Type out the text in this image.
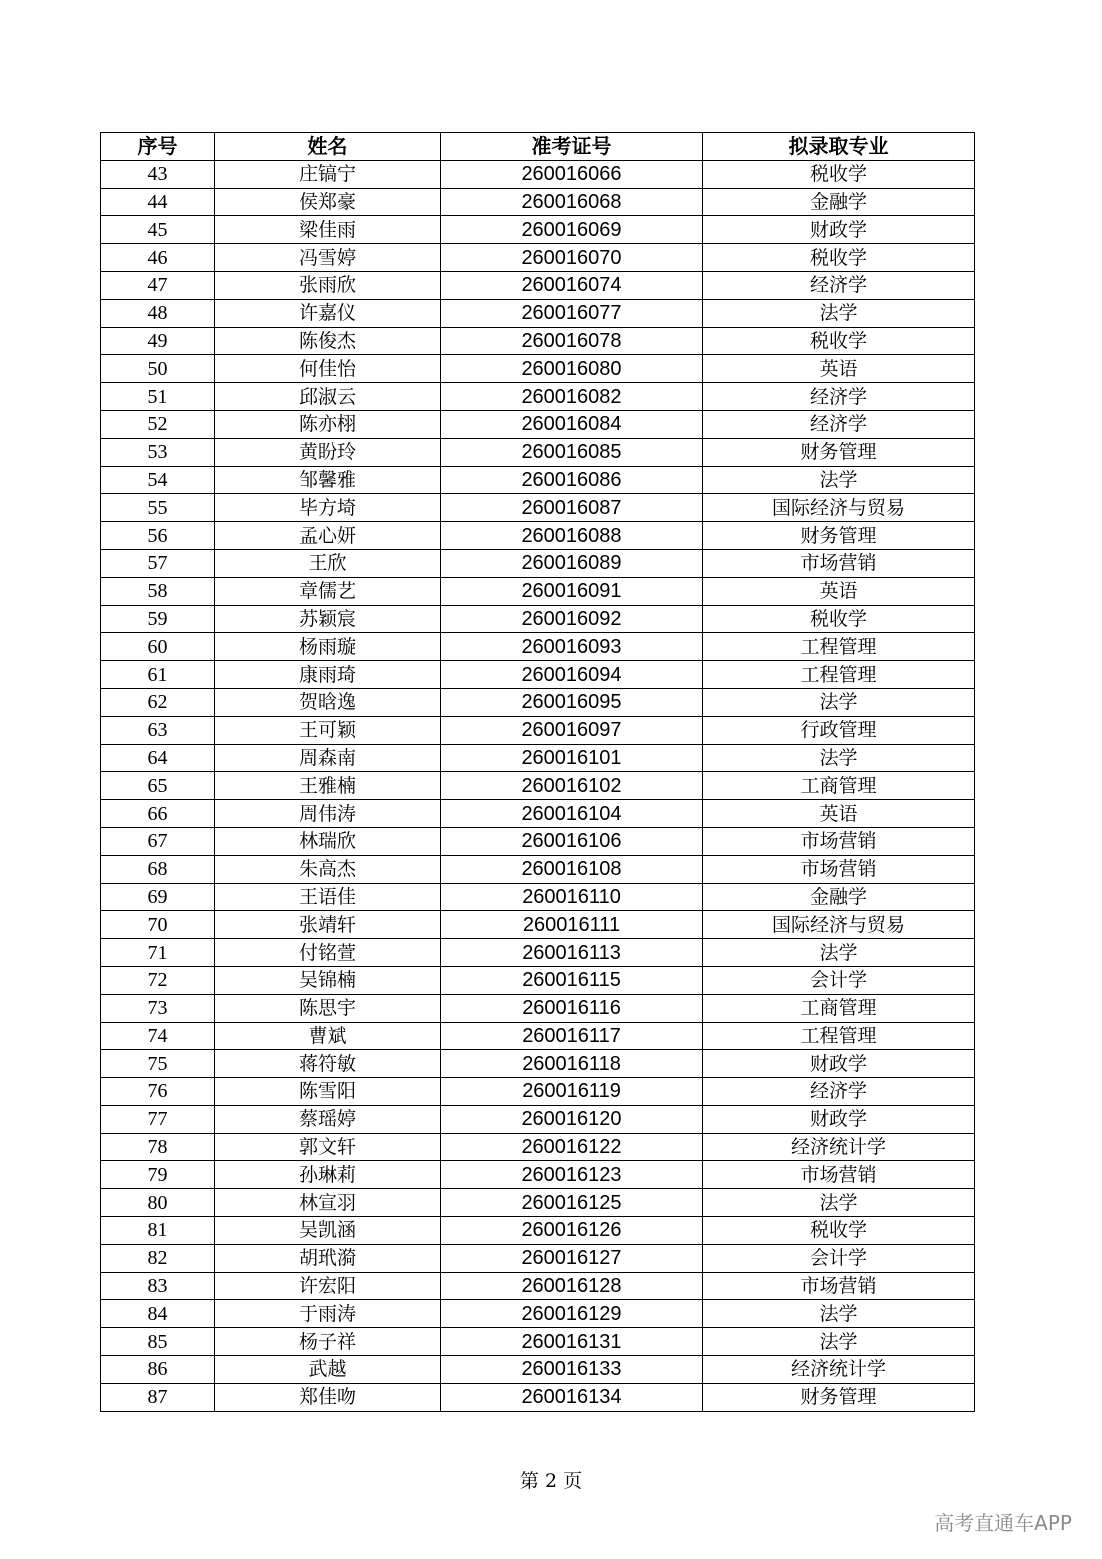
序号	姓名	准考证号	拟录取专业
43	庄镐宁	260016066	税收学
44	侯郑豪	260016068	金融学
45	梁佳雨	260016069	财政学
46	冯雪婷	260016070	税收学
47	张雨欣	260016074	经济学
48	许嘉仪	260016077	法学
49	陈俊杰	260016078	税收学
50	何佳怡	260016080	英语
51	邱淑云	260016082	经济学
52	陈亦栩	260016084	经济学
53	黄盼玲	260016085	财务管理
54	邹馨雅	260016086	法学
55	毕方埼	260016087	国际经济与贸易
56	孟心妍	260016088	财务管理
57	王欣	260016089	市场营销
58	章儒艺	260016091	英语
59	苏颖宸	260016092	税收学
60	杨雨璇	260016093	工程管理
61	康雨琦	260016094	工程管理
62	贺晗逸	260016095	法学
63	王可颖	260016097	行政管理
64	周森南	260016101	法学
65	王雅楠	260016102	工商管理
66	周伟涛	260016104	英语
67	林瑞欣	260016106	市场营销
68	朱高杰	260016108	市场营销
69	王语佳	260016110	金融学
70	张靖轩	260016111	国际经济与贸易
71	付铭萱	260016113	法学
72	吴锦楠	260016115	会计学
73	陈思宇	260016116	工商管理
74	曹斌	260016117	工程管理
75	蒋符敏	260016118	财政学
76	陈雪阳	260016119	经济学
77	蔡瑶婷	260016120	财政学
78	郭文轩	260016122	经济统计学
79	孙琳莉	260016123	市场营销
80	林宣羽	260016125	法学
81	吴凯涵	260016126	税收学
82	胡玳漪	260016127	会计学
83	许宏阳	260016128	市场营销
84	于雨涛	260016129	法学
85	杨子祥	260016131	法学
86	武越	260016133	经济统计学
87	郑佳吻	260016134	财务管理
第 2 页
高考直通车APP
